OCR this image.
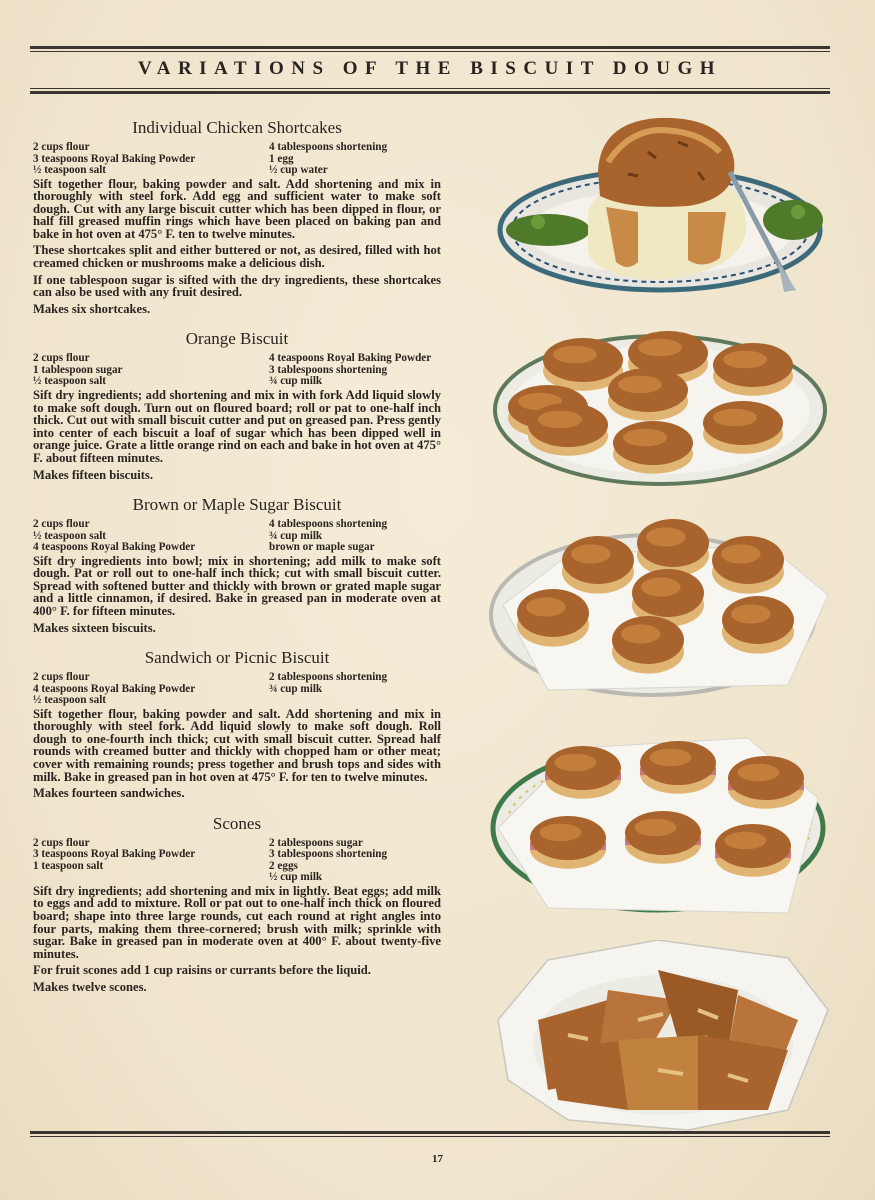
VARIATIONS OF THE BISCUIT DOUGH
Individual Chicken Shortcakes
2 cups flour
3 teaspoons Royal Baking Powder
½ teaspoon salt
4 tablespoons shortening
1 egg
½ cup water
Sift together flour, baking powder and salt. Add shortening and mix in thoroughly with steel fork. Add egg and sufficient water to make soft dough. Cut with any large biscuit cutter which has been dipped in flour, or half fill greased muffin rings which have been placed on baking pan and bake in hot oven at 475° F. ten to twelve minutes.
These shortcakes split and either buttered or not, as desired, filled with hot creamed chicken or mushrooms make a delicious dish.
If one tablespoon sugar is sifted with the dry ingredients, these shortcakes can also be used with any fruit desired.
Makes six shortcakes.
Orange Biscuit
2 cups flour
1 tablespoon sugar
½ teaspoon salt
4 teaspoons Royal Baking Powder
3 tablespoons shortening
¾ cup milk
Sift dry ingredients; add shortening and mix in with fork Add liquid slowly to make soft dough. Turn out on floured board; roll or pat to one-half inch thick. Cut out with small biscuit cutter and put on greased pan. Press gently into center of each biscuit a loaf of sugar which has been dipped well in orange juice. Grate a little orange rind on each and bake in hot oven at 475° F. about fifteen minutes.
Makes fifteen biscuits.
Brown or Maple Sugar Biscuit
2 cups flour
½ teaspoon salt
4 teaspoons Royal Baking Powder
4 tablespoons shortening
¾ cup milk
brown or maple sugar
Sift dry ingredients into bowl; mix in shortening; add milk to make soft dough. Pat or roll out to one-half inch thick; cut with small biscuit cutter. Spread with softened butter and thickly with brown or grated maple sugar and a little cinnamon, if desired. Bake in greased pan in moderate oven at 400° F. for fifteen minutes.
Makes sixteen biscuits.
Sandwich or Picnic Biscuit
2 cups flour
4 teaspoons Royal Baking Powder
½ teaspoon salt
2 tablespoons shortening
¾ cup milk
Sift together flour, baking powder and salt. Add shortening and mix in thoroughly with steel fork. Add liquid slowly to make soft dough. Roll dough to one-fourth inch thick; cut with small biscuit cutter. Spread half rounds with creamed butter and thickly with chopped ham or other meat; cover with remaining rounds; press together and brush tops and sides with milk. Bake in greased pan in hot oven at 475° F. for ten to twelve minutes.
Makes fourteen sandwiches.
Scones
2 cups flour
3 teaspoons Royal Baking Powder
1 teaspoon salt
2 tablespoons sugar
3 tablespoons shortening
2 eggs
½ cup milk
Sift dry ingredients; add shortening and mix in lightly. Beat eggs; add milk to eggs and add to mixture. Roll or pat out to one-half inch thick on floured board; shape into three large rounds, cut each round at right angles into four parts, making them three-cornered; brush with milk; sprinkle with sugar. Bake in greased pan in moderate oven at 400° F. about twenty-five minutes.
For fruit scones add 1 cup raisins or currants before the liquid.
Makes twelve scones.
17
